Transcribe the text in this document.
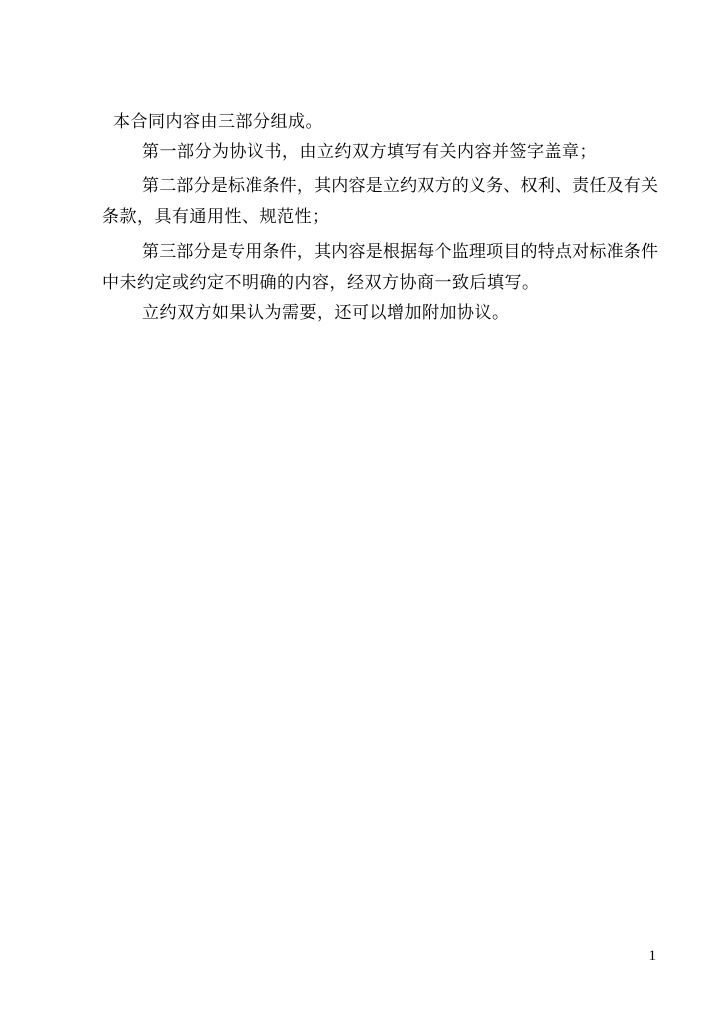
本合同内容由三部分组成。
第一部分为协议书，由立约双方填写有关内容并签字盖章；
第二部分是标准条件，其内容是立约双方的义务、权利、责任及有关
条款，具有通用性、规范性；
第三部分是专用条件，其内容是根据每个监理项目的特点对标准条件
中未约定或约定不明确的内容，经双方协商一致后填写。
立约双方如果认为需要，还可以增加附加协议。
1
